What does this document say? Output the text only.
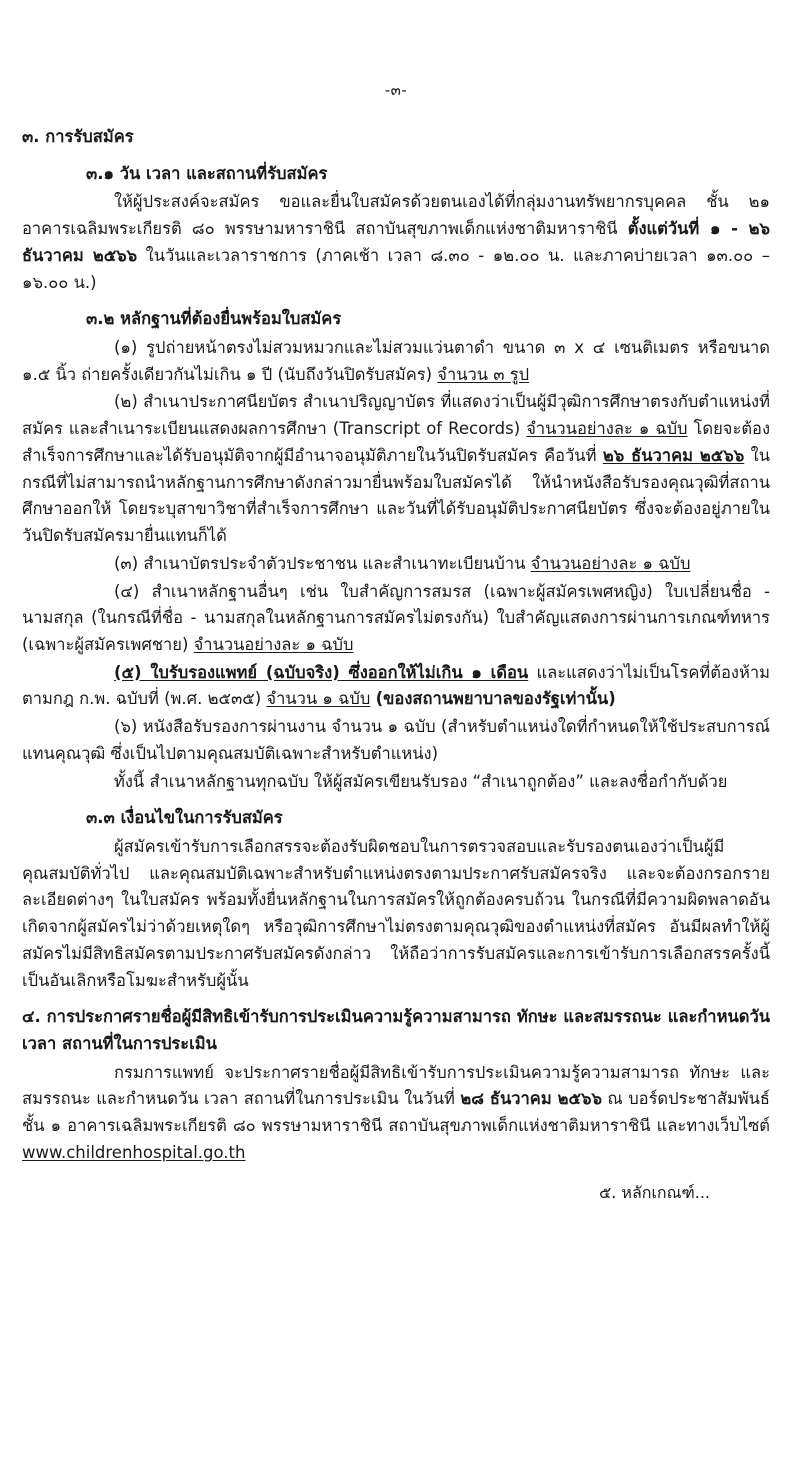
-๓-
๓. การรับสมัคร
๓.๑ วัน เวลา และสถานที่รับสมัคร

ให้ผู้ประสงค์จะสมัคร ขอและยื่นใบสมัครด้วยตนเองได้ที่กลุ่มงานทรัพยากรบุคคล ชั้น ๒๑ อาคารเฉลิมพระเกียรติ ๘๐ พรรษามหาราชินี สถาบันสุขภาพเด็กแห่งชาติมหาราชินี ตั้งแต่วันที่ ๑ - ๒๖ ธันวาคม ๒๕๖๖ ในวันและเวลาราชการ (ภาคเช้า เวลา ๘.๓๐ - ๑๒.๐๐ น. และภาคบ่ายเวลา ๑๓.๐๐ – ๑๖.๐๐ น.)

๓.๒ หลักฐานที่ต้องยื่นพร้อมใบสมัคร

(๑) รูปถ่ายหน้าตรงไม่สวมหมวกและไม่สวมแว่นตาดำ ขนาด ๓ x ๔ เซนติเมตร หรือขนาด ๑.๕ นิ้ว ถ่ายครั้งเดียวกันไม่เกิน ๑ ปี (นับถึงวันปิดรับสมัคร) จำนวน ๓ รูป

(๒) สำเนาประกาศนียบัตร สำเนาปริญญาบัตร ที่แสดงว่าเป็นผู้มีวุฒิการศึกษาตรงกับตำแหน่งที่สมัคร และสำเนาระเบียนแสดงผลการศึกษา (Transcript of Records) จำนวนอย่างละ ๑ ฉบับ โดยจะต้องสำเร็จการศึกษาและได้รับอนุมัติจากผู้มีอำนาจอนุมัติภายในวันปิดรับสมัคร คือวันที่ ๒๖ ธันวาคม ๒๕๖๖ ในกรณีที่ไม่สามารถนำหลักฐานการศึกษาดังกล่าวมายื่นพร้อมใบสมัครได้ ให้นำหนังสือรับรองคุณวุฒิที่สถานศึกษาออกให้ โดยระบุสาขาวิชาที่สำเร็จการศึกษา และวันที่ได้รับอนุมัติประกาศนียบัตร ซึ่งจะต้องอยู่ภายในวันปิดรับสมัครมายื่นแทนก็ได้

(๓) สำเนาบัตรประจำตัวประชาชน และสำเนาทะเบียนบ้าน จำนวนอย่างละ ๑ ฉบับ

(๔) สำเนาหลักฐานอื่นๆ เช่น ใบสำคัญการสมรส (เฉพาะผู้สมัครเพศหญิง) ใบเปลี่ยนชื่อ - นามสกุล (ในกรณีที่ชื่อ - นามสกุลในหลักฐานการสมัครไม่ตรงกัน) ใบสำคัญแสดงการผ่านการเกณฑ์ทหาร (เฉพาะผู้สมัครเพศชาย) จำนวนอย่างละ ๑ ฉบับ

(๕) ใบรับรองแพทย์ (ฉบับจริง) ซึ่งออกให้ไม่เกิน ๑ เดือน และแสดงว่าไม่เป็นโรคที่ต้องห้ามตามกฎ ก.พ. ฉบับที่ (พ.ศ. ๒๕๓๕) จำนวน ๑ ฉบับ (ของสถานพยาบาลของรัฐเท่านั้น)

(๖) หนังสือรับรองการผ่านงาน จำนวน ๑ ฉบับ (สำหรับตำแหน่งใดที่กำหนดให้ใช้ประสบการณ์แทนคุณวุฒิ ซึ่งเป็นไปตามคุณสมบัติเฉพาะสำหรับตำแหน่ง)

ทั้งนี้ สำเนาหลักฐานทุกฉบับ ให้ผู้สมัครเขียนรับรอง “สำเนาถูกต้อง” และลงชื่อกำกับด้วย

๓.๓ เงื่อนไขในการรับสมัคร

ผู้สมัครเข้ารับการเลือกสรรจะต้องรับผิดชอบในการตรวจสอบและรับรองตนเองว่าเป็นผู้มีคุณสมบัติทั่วไป และคุณสมบัติเฉพาะสำหรับตำแหน่งตรงตามประกาศรับสมัครจริง และจะต้องกรอกรายละเอียดต่างๆ ในใบสมัคร พร้อมทั้งยื่นหลักฐานในการสมัครให้ถูกต้องครบถ้วน ในกรณีที่มีความผิดพลาดอันเกิดจากผู้สมัครไม่ว่าด้วยเหตุใดๆ หรือวุฒิการศึกษาไม่ตรงตามคุณวุฒิของตำแหน่งที่สมัคร อันมีผลทำให้ผู้สมัครไม่มีสิทธิสมัครตามประกาศรับสมัครดังกล่าว ให้ถือว่าการรับสมัครและการเข้ารับการเลือกสรรครั้งนี้เป็นอันเลิกหรือโมฆะสำหรับผู้นั้น

๔. การประกาศรายชื่อผู้มีสิทธิเข้ารับการประเมินความรู้ความสามารถ ทักษะ และสมรรถนะ และกำหนดวัน เวลา สถานที่ในการประเมิน

กรมการแพทย์ จะประกาศรายชื่อผู้มีสิทธิเข้ารับการประเมินความรู้ความสามารถ ทักษะ และสมรรถนะ และกำหนดวัน เวลา สถานที่ในการประเมิน ในวันที่ ๒๘ ธันวาคม ๒๕๖๖ ณ บอร์ดประชาสัมพันธ์ ชั้น ๑ อาคารเฉลิมพระเกียรติ ๘๐ พรรษามหาราชินี สถาบันสุขภาพเด็กแห่งชาติมหาราชินี และทางเว็บไซต์ www.childrenhospital.go.th

๕. หลักเกณฑ์...
